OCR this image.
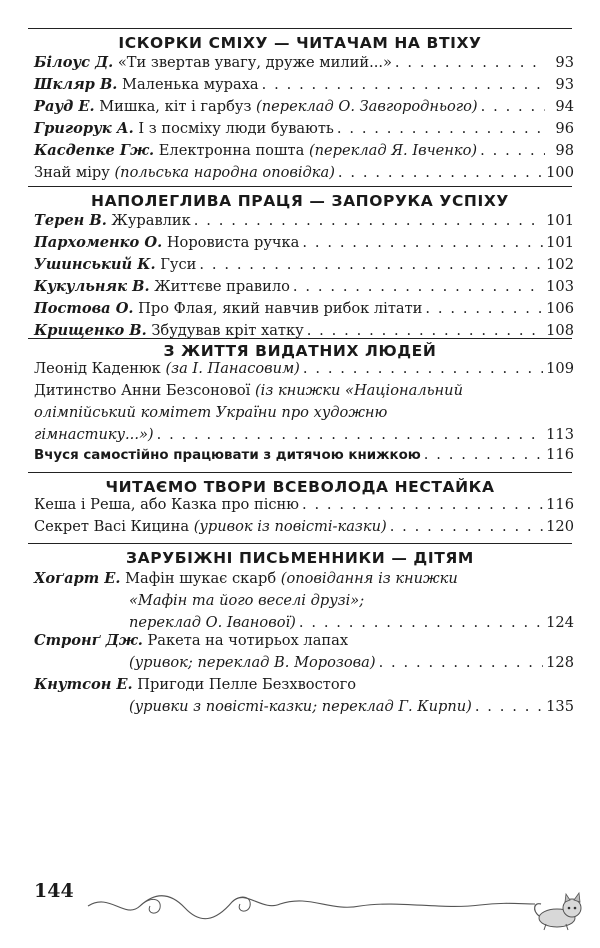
ІСКОРКИ СМІХУ — ЧИТАЧАМ НА ВТІХУ
Білоус Д. «Ти звертав увагу, друже милий...» . . .	93
Шкляр В. Маленька мураха . . .	93
Рауд Е. Мишка, кіт і гарбуз (переклад О. Завгороднього) . . .	94
Григорук А. І з посміху люди бувають . . .	96
Касдепке Гж. Електронна пошта (переклад Я. Івченко) . . .	98
Знай міру (польська народна оповідка) . . .	100
НАПОЛЕГЛИВА ПРАЦЯ — ЗАПОРУКА УСПІХУ
Терен В. Журавлик . . .	101
Пархоменко О. Норовиста ручка . . .	101
Ушинський К. Гуси . . .	102
Кукульняк В. Життєве правило . . .	103
Постова О. Про Флая, який навчив рибок літати . . .	106
Крищенко В. Збудував кріт хатку . . .	108
З ЖИТТЯ ВИДАТНИХ ЛЮДЕЙ
Леонід Каденюк (за І. Панасовим) . . .	109
Дитинство Анни Безсонової (із книжки «Національний
олімпійський комітет України про художню
гімнастику...») . . .	113
Вчуся самостійно працювати з дитячою книжкою . . .	116
ЧИТАЄМО ТВОРИ ВСЕВОЛОДА НЕСТАЙКА
Кеша і Реша, або Казка про пісню . . .	116
Секрет Васі Кицина (уривок із повісті-казки) . . .	120
ЗАРУБІЖНІ ПИСЬМЕННИКИ — ДІТЯМ
Хоґарт Е. Мафін шукає скарб (оповідання із книжки
«Мафін та його веселі друзі»;
переклад О. Іванової) . . .	124
Стронґ Дж. Ракета на чотирьох лапах
(уривок; переклад В. Морозова) . . .	128
Кнутсон Е. Пригоди Пелле Безхвостого
(уривки з повісті-казки; переклад Г. Кирпи) . . .	135
144
